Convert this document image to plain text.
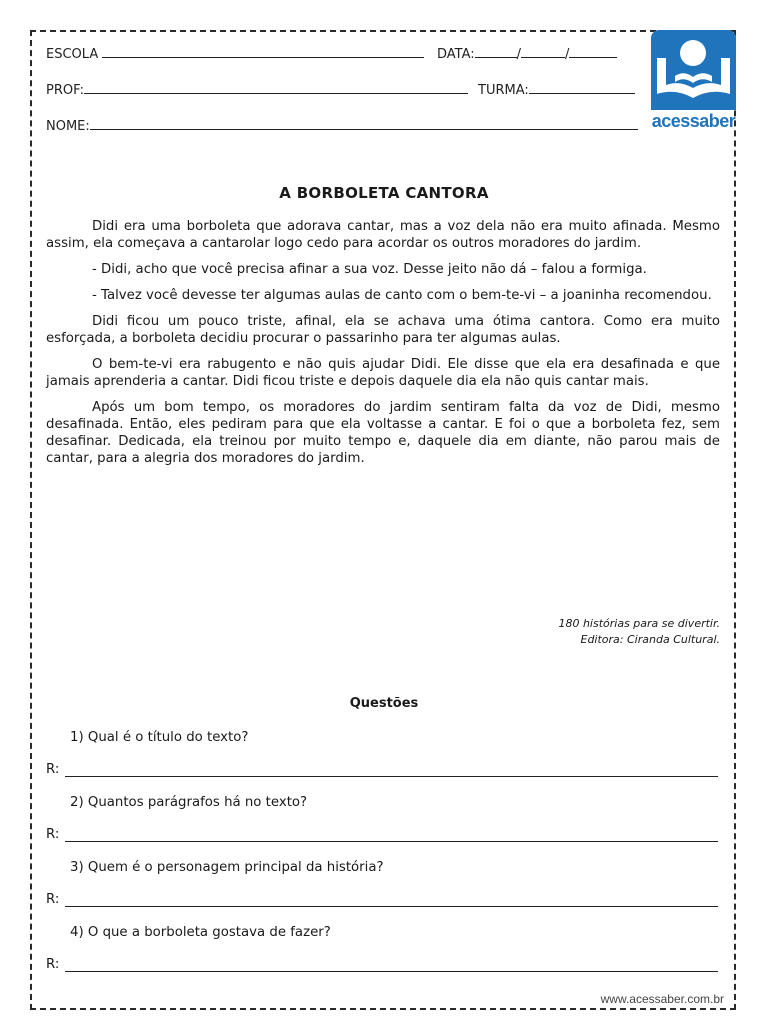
ESCOLA	DATA:	/	/
PROF:	TURMA:
NOME:	acessaber
A BORBOLETA CANTORA

Didi era uma borboleta que adorava cantar, mas a voz dela não era muito afinada. Mesmo assim, ela começava a cantarolar logo cedo para acordar os outros moradores do jardim.

- Didi, acho que você precisa afinar a sua voz. Desse jeito não dá – falou a formiga.

- Talvez você devesse ter algumas aulas de canto com o bem-te-vi – a joaninha recomendou.

Didi ficou um pouco triste, afinal, ela se achava uma ótima cantora. Como era muito esforçada, a borboleta decidiu procurar o passarinho para ter algumas aulas.

O bem-te-vi era rabugento e não quis ajudar Didi. Ele disse que ela era desafinada e que jamais aprenderia a cantar. Didi ficou triste e depois daquele dia ela não quis cantar mais.

Após um bom tempo, os moradores do jardim sentiram falta da voz de Didi, mesmo desafinada. Então, eles pediram para que ela voltasse a cantar. E foi o que a borboleta fez, sem desafinar. Dedicada, ela treinou por muito tempo e, daquele dia em diante, não parou mais de cantar, para a alegria dos moradores do jardim.

180 histórias para se divertir.
Editora: Ciranda Cultural.
Questões
1) Qual é o título do texto?
R:
2) Quantos parágrafos há no texto?
R:
3) Quem é o personagem principal da história?
R:
4) O que a borboleta gostava de fazer?
R:
www.acessaber.com.br
